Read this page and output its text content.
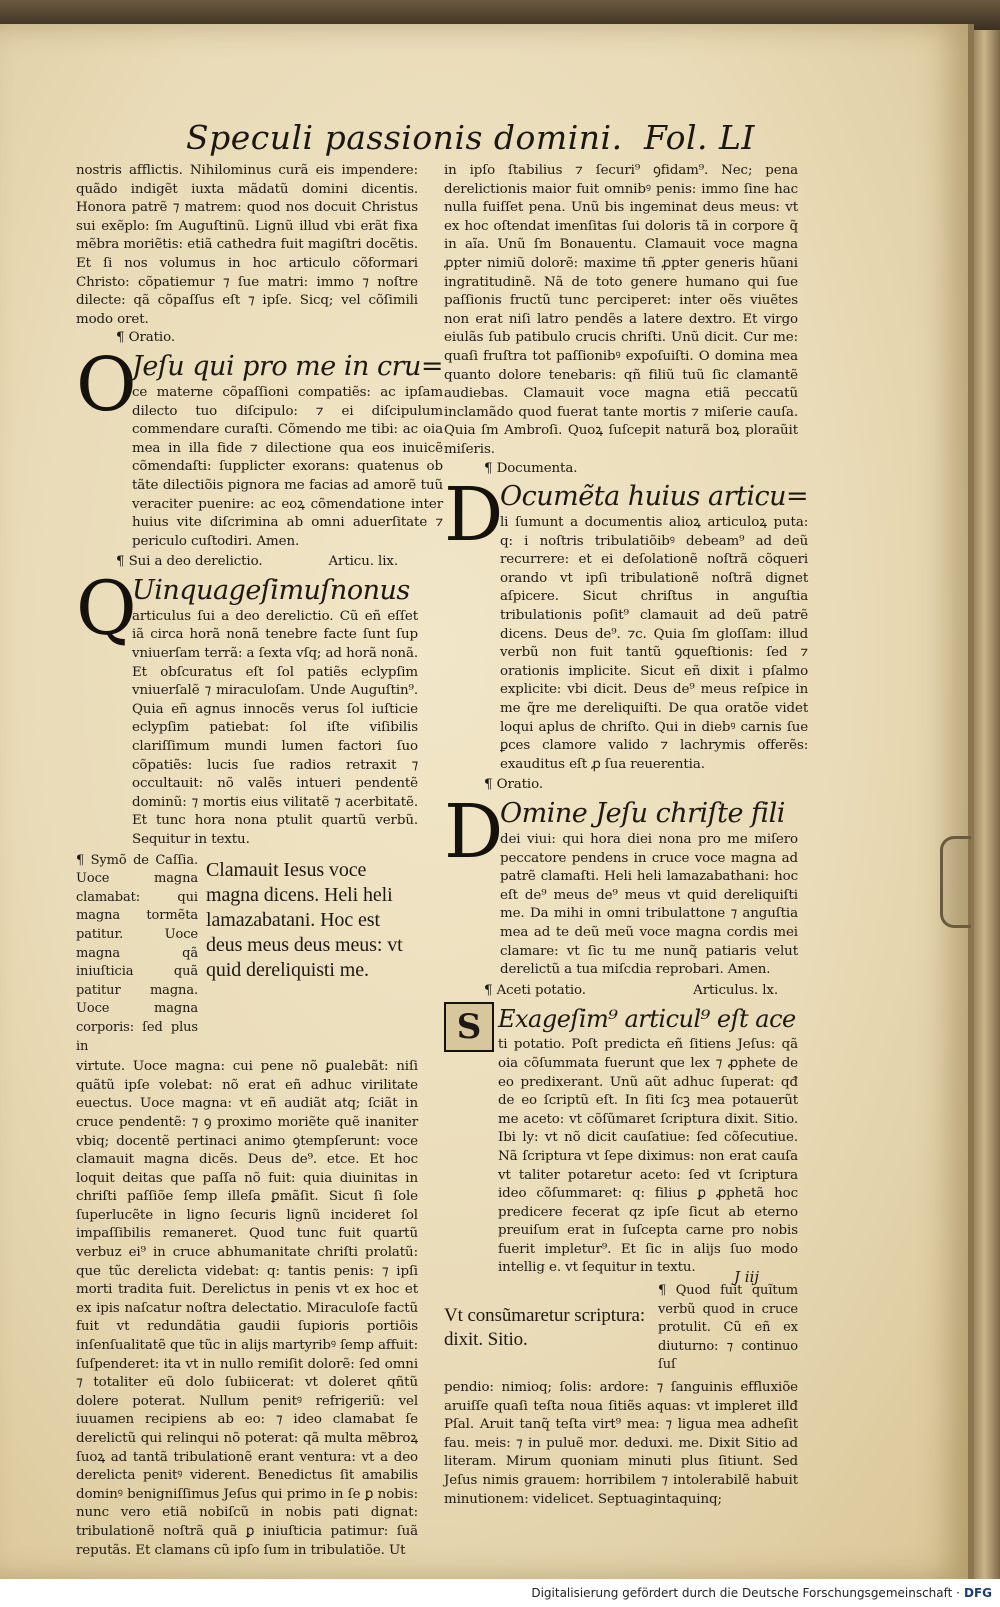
Speculi passionis domini. Fol. LI

nostris afflictis. Nihilominus curã eis impendere: quãdo indigẽt iuxta mãdatũ domini dicentis. Honora patrẽ ⁊ matrem: quod nos docuit Christus sui exẽplo: ſm Auguſtinũ. Lignũ illud vbi erãt fixa mẽbra moriẽtis: etiã cathedra fuit magiſtri docẽtis. Et ſi nos volumus in hoc articulo cõformari Christo: cõpatiemur ⁊ ſue matri: immo ⁊ noſtre dilecte: qã cõpaſſus eſt ⁊ ipſe. Sicq; vel cõſimili modo oret.

¶ Oratio.

O
Jeſu qui pro me in cru=

ce materne cõpaſſioni compatiẽs: ac ipſam dilecto tuo diſcipulo: ⁊ ei diſcipulum commendare curaſti. Cõmendo me tibi: ac oia mea in illa fide ⁊ dilectione qua eos inuicẽ cõmendaſti: ſupplicter exorans: quatenus ob tãte dilectiõis pignora me facias ad amorẽ tuũ veraciter puenire: ac eoꝝ cõmendatione inter huius vite diſcrimina ab omni aduerſitate ⁊ periculo cuſtodiri. Amen.

¶ Sui a deo derelictio.	Articu. lix.

Q
Uinquageſimuſnonus

articulus ſui a deo derelictio. Cũ eñ eſſet iã circa horã nonã tenebre facte ſunt ſup vniuerſam terrã: a ſexta vſq; ad horã nonã. Et obſcuratus eſt ſol patiẽs eclypſim vniuerſalẽ ⁊ miraculoſam. Unde Auguſtin⁹. Quia eñ agnus innocẽs verus ſol iuſticie eclypſim patiebat: ſol iſte viſibilis clariſſimum mundi lumen factori ſuo cõpatiẽs: lucis ſue radios retraxit ⁊ occultauit: nõ valẽs intueri pendentẽ dominũ: ⁊ mortis eius vilitatẽ ⁊ acerbitatẽ. Et tunc hora nona ptulit quartũ verbũ. Sequitur in textu.

¶ Symõ de Caſſia. Uoce magna clamabat: qui magna tormẽta patitur. Uoce magna qã iniuſticia quã patitur magna. Uoce magna corporis: ſed plus in
Clamauit Iesus voce magna dicens. Heli heli lamazabatani. Hoc est deus meus deus meus: vt quid dereliquisti me.

virtute. Uoce magna: cui pene nõ ꝑualebãt: niſi quãtũ ipſe volebat: nõ erat eñ adhuc virilitate euectus. Uoce magna: vt eñ audiãt atq; ſciãt in cruce pendentẽ: ⁊ ꝯ proximo moriẽte quẽ inaniter vbiq; docentẽ pertinaci animo ꝯtempſerunt: voce clamauit magna dicẽs. Deus de⁹. etce. Et hoc loquit deitas que paſſa nõ fuit: quia diuinitas in chriſti paſſiõe ſemp illeſa ꝑmãſit. Sicut ſi ſole ſuperlucẽte in ligno ſecuris lignũ incideret ſol impaſſibilis remaneret. Quod tunc fuit quartũ verbuz ei⁹ in cruce abhumanitate chriſti prolatũ: que tũc derelicta videbat: q: tantis penis: ⁊ ipſi morti tradita fuit. Derelictus in penis vt ex hoc et ex ipis naſcatur noſtra delectatio. Miraculoſe factũ fuit vt redundãtia gaudii ſupioris portiõis inſenſualitatẽ que tũc in alijs martyribꝰ ſemp affuit: ſuſpenderet: ita vt in nullo remiſit dolorẽ: ſed omni ⁊ totaliter eũ dolo ſubiicerat: vt doleret qñtũ dolere poterat. Nullum penitꝰ refrigeriũ: vel iuuamen recipiens ab eo: ⁊ ideo clamabat ſe derelictũ qui relinqui nõ poterat: qã multa mẽbroꝝ ſuoꝝ ad tantã tribulationẽ erant ventura: vt a deo derelicta penitꝰ viderent. Benedictus ſit amabilis dominꝰ benigniſſimus Jeſus qui primo in ſe ꝑ nobis: nunc vero etiã nobiſcũ in nobis pati dignat: tribulationẽ noſtrã quã ꝑ iniuſticia patimur: ſuã reputãs. Et clamans cũ ipſo ſum in tribulatiõe. Ut

in ipſo ſtabilius ⁊ ſecuri⁹ ꝯfidam⁹. Nec; pena derelictionis maior fuit omnibꝰ penis: immo ſine hac nulla fuiſſet pena. Unũ bis ingeminat deus meus: vt ex hoc oſtendat imenſitas ſui doloris tã in corpore q̃ in aĩa. Unũ ſm Bonauentu. Clamauit voce magna ꝓpter nimiũ dolorẽ: maxime tñ ꝓpter generis hũani ingratitudinẽ. Nã de toto genere humano qui ſue paſſionis fructũ tunc perciperet: inter oẽs viuẽtes non erat niſi latro pendẽs a latere dextro. Et virgo eiulãs ſub patibulo crucis chriſti. Unũ dicit. Cur me: quaſi fruſtra tot paſſionibꝰ expoſuiſti. O domina mea quanto dolore tenebaris: qñ filiũ tuũ ſic clamantẽ audiebas. Clamauit voce magna etiã peccatũ inclamãdo quod fuerat tante mortis ⁊ miſerie cauſa. Quia ſm Ambroſi. Quoꝝ ſuſcepit naturã boꝝ ploraũit miſeris.

¶ Documenta.

D
Ocumẽta huius articu=

li ſumunt a documentis alioꝝ articuloꝝ puta: q: i noſtris tribulatiõibꝰ debeam⁹ ad deũ recurrere: et ei deſolationẽ noſtrã cõqueri orando vt ipſi tribulationẽ noſtrã dignet aſpicere. Sicut chriſtus in anguſtia tribulationis poſit⁹ clamauit ad deũ patrẽ dicens. Deus de⁹. ⁊c. Quia ſm gloſſam: illud verbũ non fuit tantũ ꝯqueſtionis: ſed ⁊ orationis implicite. Sicut eñ dixit i pſalmo explicite: vbi dicit. Deus de⁹ meus reſpice in me q̃re me dereliquiſti. De qua oratõe videt loqui aplus de chriſto. Qui in diebꝰ carnis ſue ꝑces clamore valido ⁊ lachrymis offerẽs: exauditus eſt ꝓ ſua reuerentia.

¶ Oratio.

D
Omine Jeſu chriſte fili

dei viui: qui hora diei nona pro me miſero peccatore pendens in cruce voce magna ad patrẽ clamaſti. Heli heli lamazabathani: hoc eſt de⁹ meus de⁹ meus vt quid dereliquiſti me. Da mihi in omni tribulattone ⁊ anguſtia mea ad te deũ meũ voce magna cordis mei clamare: vt ſic tu me nunq̃ patiaris velut derelictũ a tua miſcdia reprobari. Amen.

¶ Aceti potatio.	Articulus. lx.

S Exageſim⁹ articul⁹ eſt ace

ti potatio. Poſt predicta eñ ſitiens Jeſus: qã oia cõſummata fuerunt que lex ⁊ ꝓphete de eo predixerant. Unũ aũt adhuc ſuperat: qđ de eo ſcriptũ eſt. In ſiti ſcꝫ mea potauerũt me aceto: vt cõſũmaret ſcriptura dixit. Sitio. Ibi ly: vt nõ dicit cauſatiue: ſed cõſecutiue. Nã ſcriptura vt ſepe diximus: non erat cauſa vt taliter potaretur aceto: ſed vt ſcriptura ideo cõſummaret: q: filius ꝑ ꝓphetã hoc predicere fecerat qz ipſe ſicut ab eterno preuiſum erat in ſuſcepta carne pro nobis fuerit impletur⁹. Et ſic in alijs ſuo modo intellig e. vt ſequitur in textu.

Vt consũmaretur scriptura: dixit. Sitio.
¶ Quod fuit quĩtum verbũ quod in cruce protulit. Cũ eñ ex diuturno: ⁊ continuo ſuſ

pendio: nimioq; ſolis: ardore: ⁊ ſanguinis effluxiõe aruiſſe quaſi teſta noua ſitiẽs aquas: vt impleret illđ Pſal. Aruit tanq̃ teſta virt⁹ mea: ⁊ ligua mea adheſit fau. meis: ⁊ in puluẽ mor. deduxi. me. Dixit Sitio ad literam. Mirum quoniam minuti plus ſitiunt. Sed Jeſus nimis grauem: horribilem ⁊ intolerabilẽ habuit minutionem: videlicet. Septuagintaquinq;

J iij
Digitalisierung gefördert durch die Deutsche Forschungsgemeinschaft · DFG
